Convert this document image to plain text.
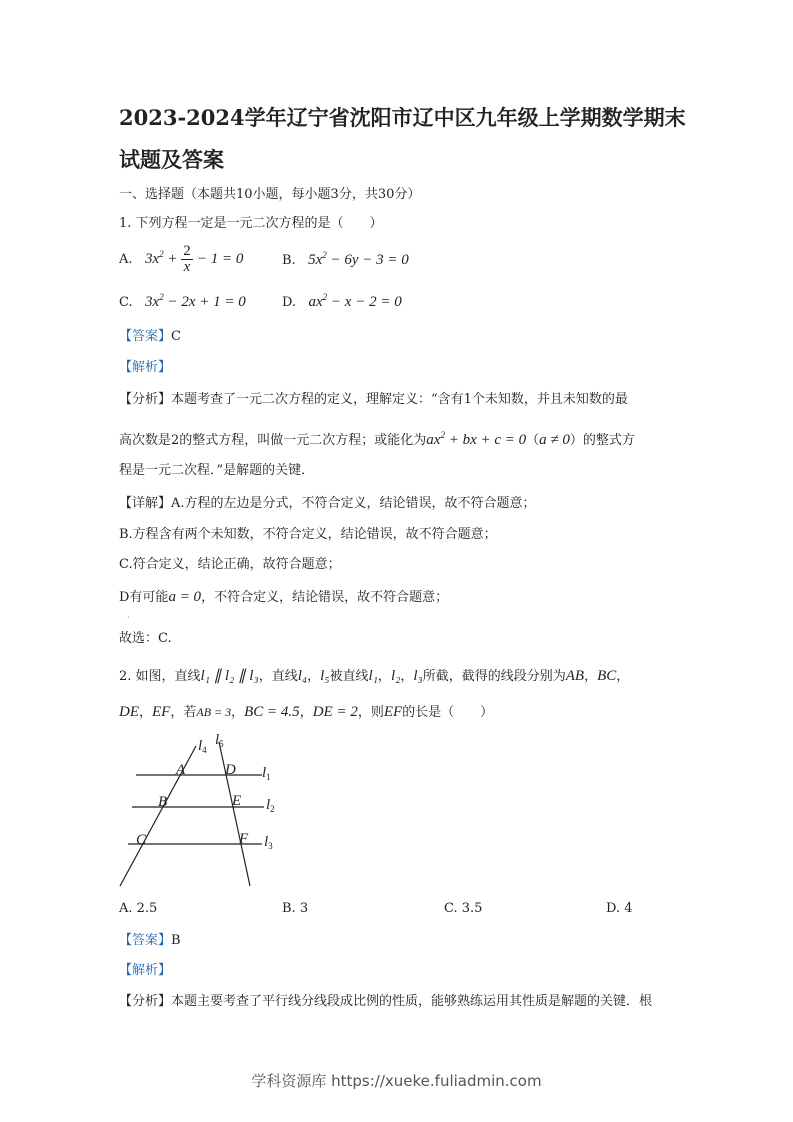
2023-2024学年辽宁省沈阳市辽中区九年级上学期数学期末
试题及答案
一、选择题（本题共10小题，每小题3分，共30分）
1. 下列方程一定是一元二次方程的是（　　）
A. $3x^2 + \frac{2}{x} - 1 = 0$	B. $5x^2 - 6y - 3 = 0$
C. $3x^2 - 2x + 1 = 0$	D. $ax^2 - x - 2 = 0$
【答案】C
【解析】
【分析】本题考查了一元二次方程的定义，理解定义：“含有1个未知数，并且未知数的最
高次数是2的整式方程，叫做一元二次方程；或能化为$ax^2$ + bx + c = 0（a ≠ 0）的整式方
程是一元二次程．”是解题的关键．
【详解】A.方程的左边是分式，不符合定义，结论错误，故不符合题意；
B.方程含有两个未知数，不符合定义，结论错误，故不符合题意；
C.符合定义，结论正确，故符合题意；
D有可能a = 0，不符合定义，结论错误，故不符合题意；
·
故选：C.
2. 如图，直线l₁ ∥ l₂ ∥ l₃，直线l₄，l₅被直线l₁，l₂，l₃所截，截得的线段分别为AB，BC，
DE，EF，若AB = 3，BC = 4.5，DE = 2，则EF的长是（　　）
A
B
C
D
E
F
$l_4$
$l_5$
$l_1$
$l_2$
$l_3$
A. 2.5	B. 3	C. 3.5	D. 4
【答案】B
【解析】
【分析】本题主要考查了平行线分线段成比例的性质，能够熟练运用其性质是解题的关键．根
学科资源库 https://xueke.fuliadmin.com
